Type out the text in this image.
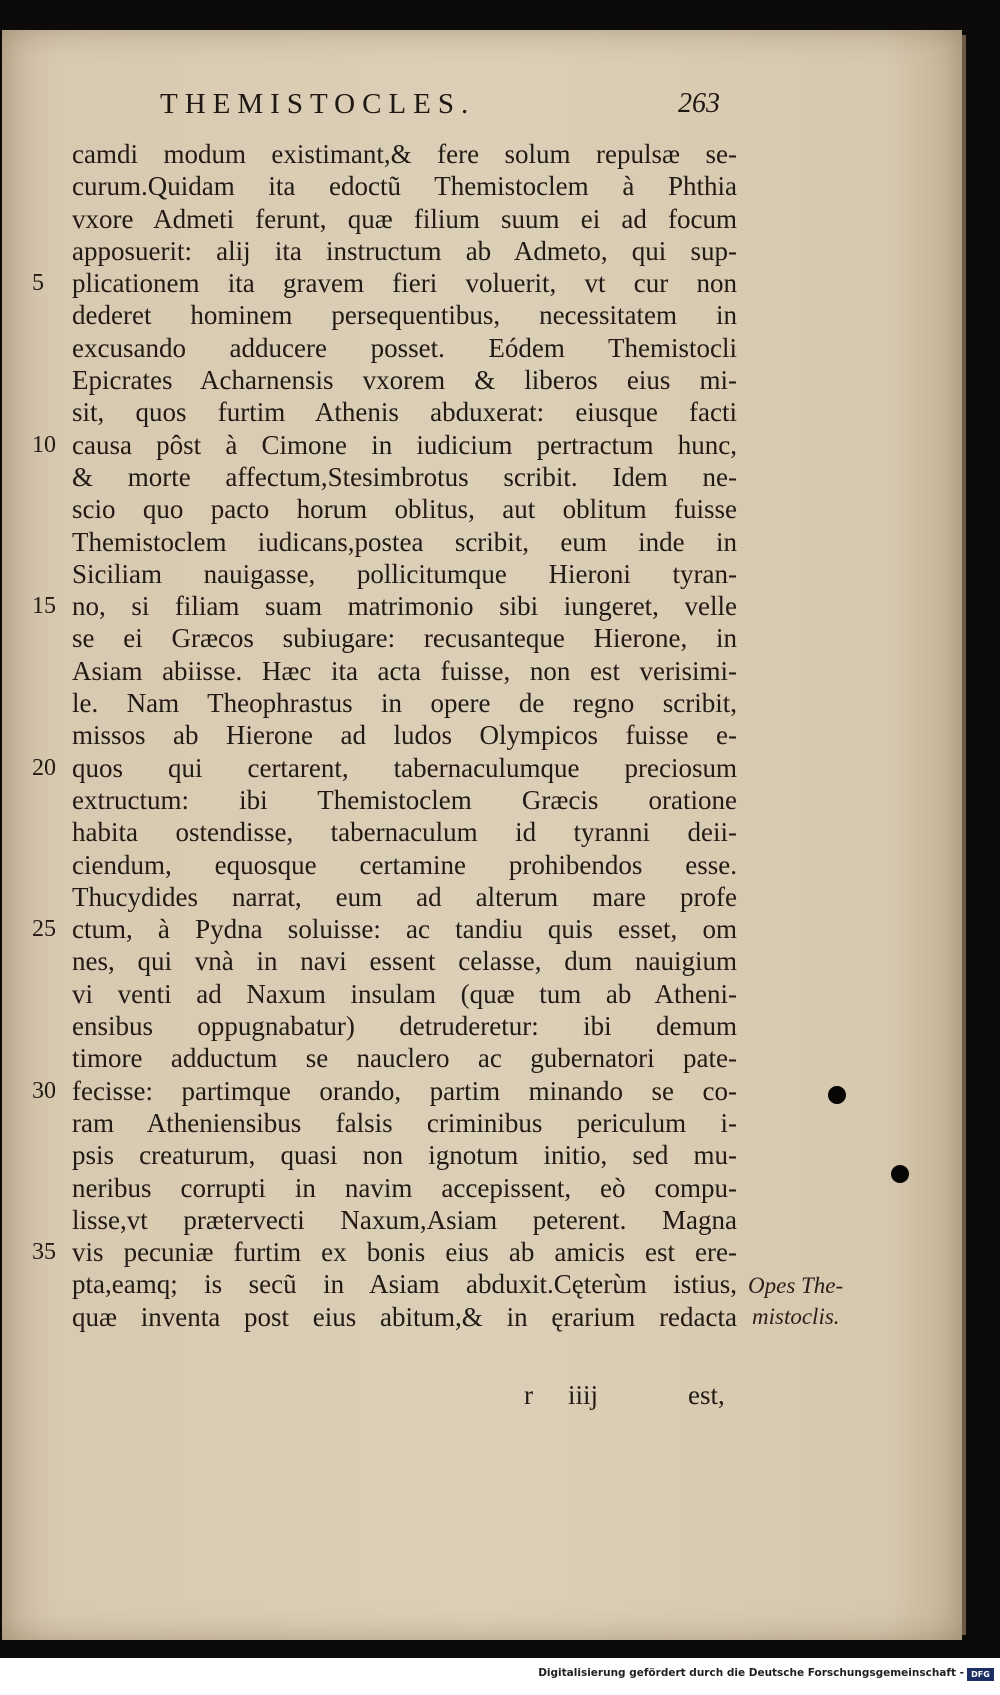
THEMISTOCLES.	263
camdi modum existimant,& fere solum repulsæ se-
curum.Quidam ita edoctũ Themistoclem à Phthia
vxore Admeti ferunt, quæ filium suum ei ad focum
apposuerit: alij ita instructum ab Admeto, qui sup-
5	plicationem ita gravem fieri voluerit, vt cur non
dederet hominem persequentibus, necessitatem in
excusando adducere posset. Eódem Themistocli
Epicrates Acharnensis vxorem & liberos eius mi-
sit, quos furtim Athenis abduxerat: eiusque facti
10 causa pôst à Cimone in iudicium pertractum hunc,
& morte affectum,Stesimbrotus scribit. Idem ne-
scio quo pacto horum oblitus, aut oblitum fuisse
Themistoclem iudicans,postea scribit, eum inde in
Siciliam nauigasse, pollicitumque Hieroni tyran-
15 no, si filiam suam matrimonio sibi iungeret, velle
se ei Græcos subiugare: recusanteque Hierone, in
Asiam abiisse. Hæc ita acta fuisse, non est verisimi-
le. Nam Theophrastus in opere de regno scribit,
missos ab Hierone ad ludos Olympicos fuisse e-
20 quos qui certarent, tabernaculumque preciosum
extructum: ibi Themistoclem Græcis oratione
habita ostendisse, tabernaculum id tyranni deii-
ciendum, equosque certamine prohibendos esse.
Thucydides narrat, eum ad alterum mare profe
25 ctum, à Pydna soluisse: ac tandiu quis esset, om
nes, qui vnà in navi essent celasse, dum nauigium
vi venti ad Naxum insulam (quæ tum ab Atheni-
ensibus oppugnabatur) detruderetur: ibi demum
timore adductum se nauclero ac gubernatori pate-
30 fecisse: partimque orando, partim minando se co-
ram Atheniensibus falsis criminibus periculum i-
psis creaturum, quasi non ignotum initio, sed mu-
neribus corrupti in navim accepissent, eò compu-
lisse,vt prætervecti Naxum,Asiam peterent. Magna
35 vis pecuniæ furtim ex bonis eius ab amicis est ere-
pta,eamq; is secũ in Asiam abduxit.Cęterùm istius,
quæ inventa post eius abitum,& in ęrarium redacta
Opes The-
mistoclis.
r iiij	est,
Digitalisierung gefördert durch die Deutsche Forschungsgemeinschaft - DFG
